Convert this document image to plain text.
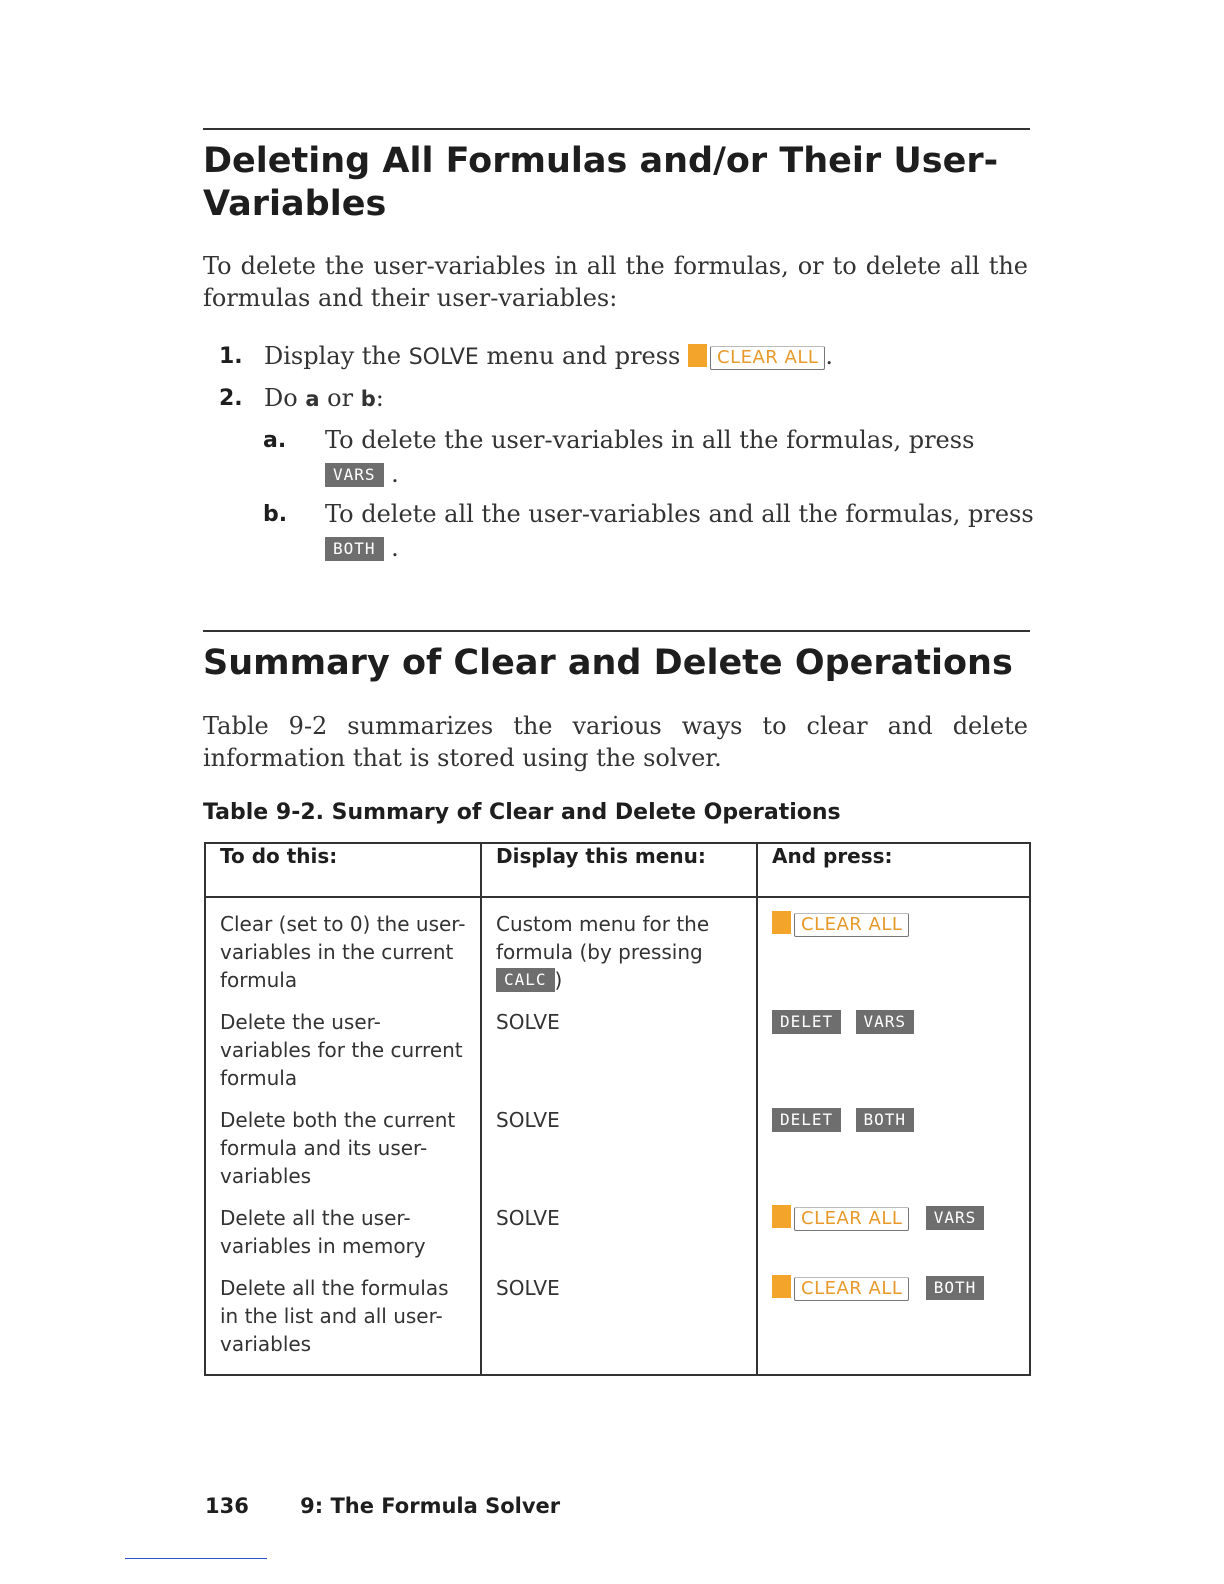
Deleting All Formulas and/or Their User-
Variables

To delete the user-variables in all the formulas, or to delete all the formulas and their user-variables:

1. Display the SOLVE menu and press CLEAR ALL .
2. Do a or b:
a. To delete the user-variables in all the formulas, press
VARS .
b. To delete all the user-variables and all the formulas, press
BOTH .
Summary of Clear and Delete Operations

Table 9-2 summarizes the various ways to clear and delete information that is stored using the solver.

Table 9-2. Summary of Clear and Delete Operations

To do this:	Display this menu:	And press:
Clear (set to 0) the user-variables in the current formula	Custom menu for the formula (by pressing
CALC )	CLEAR ALL
Delete the user-variables for the current formula	SOLVE	DELET VARS
Delete both the current formula and its user-variables	SOLVE	DELET BOTH
Delete all the user-variables in memory	SOLVE	CLEAR ALL VARS
Delete all the formulas in the list and all user-variables	SOLVE	CLEAR ALL BOTH
136 9: The Formula Solver
